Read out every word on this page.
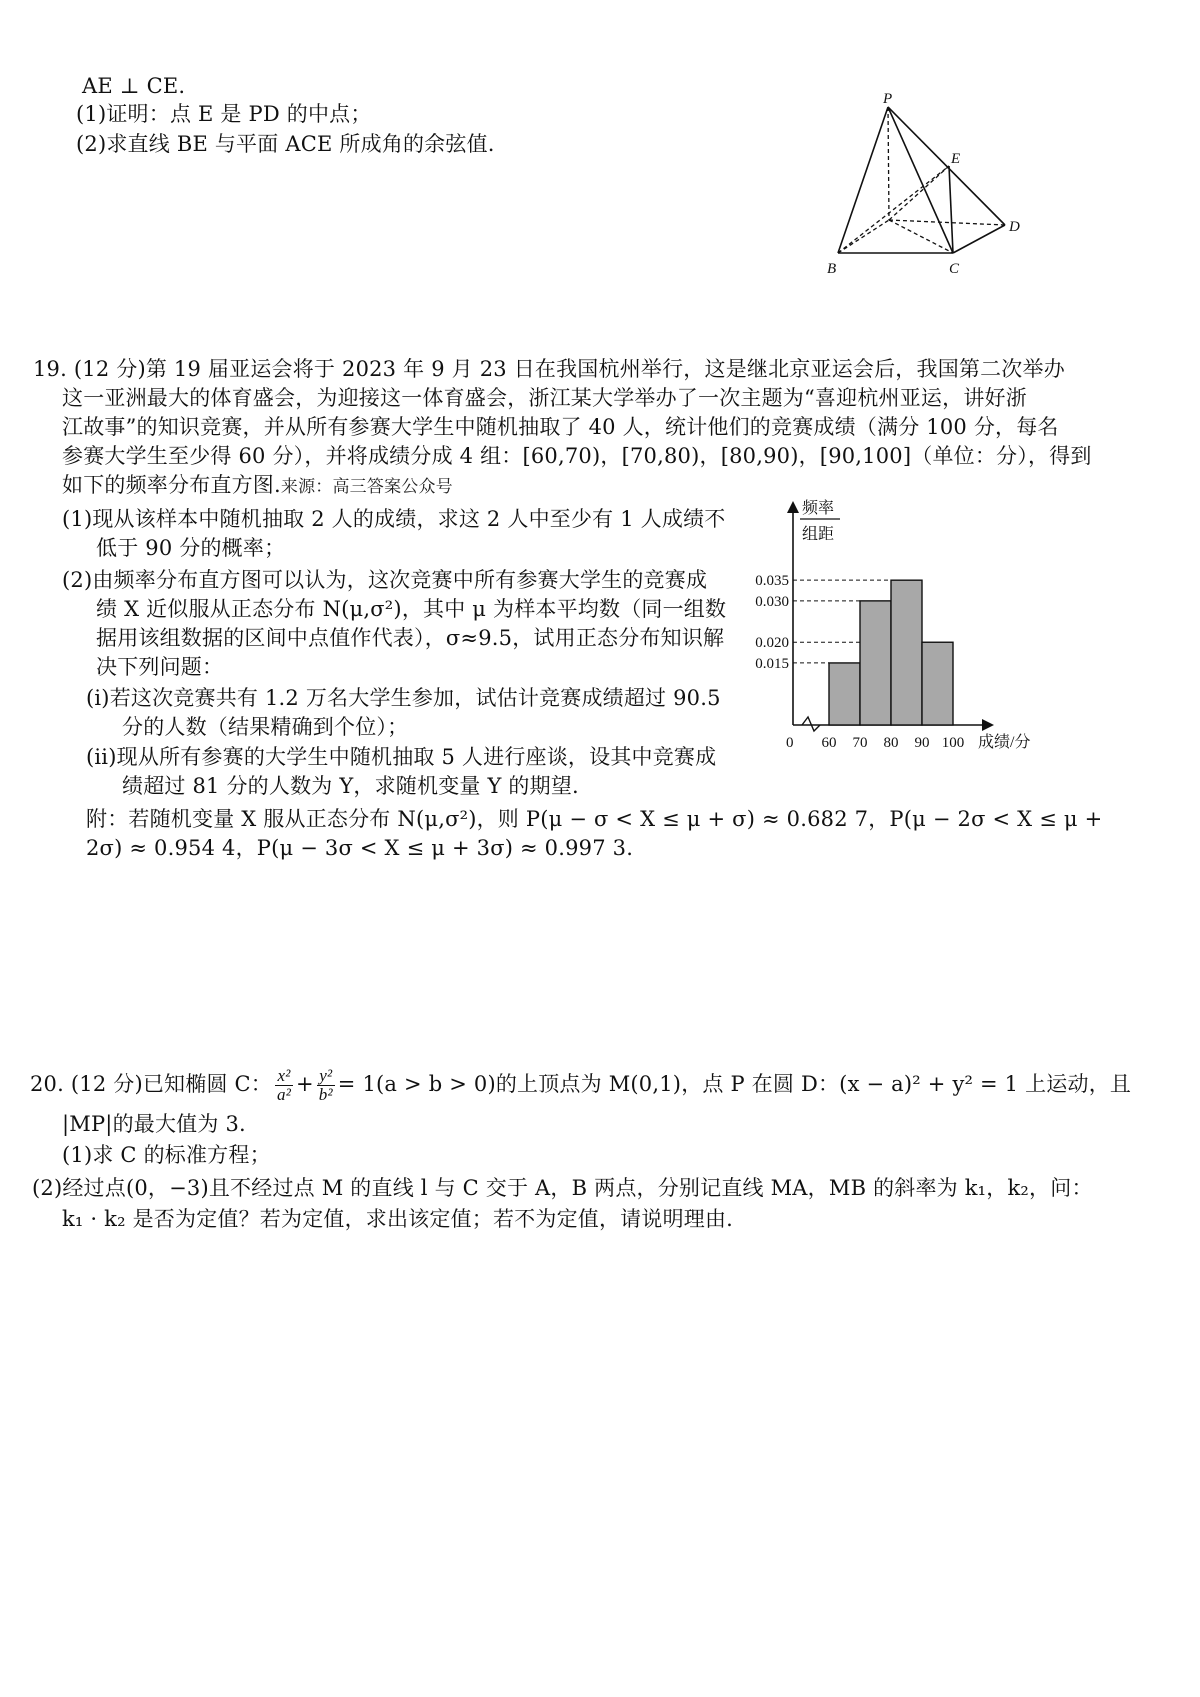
AE ⊥ CE.
(1)证明：点 E 是 PD 的中点；
(2)求直线 BE 与平面 ACE 所成角的余弦值.
P
E
D
B	C
19. (12 分)第 19 届亚运会将于 2023 年 9 月 23 日在我国杭州举行，这是继北京亚运会后，我国第二次举办
这一亚洲最大的体育盛会，为迎接这一体育盛会，浙江某大学举办了一次主题为“喜迎杭州亚运，讲好浙
江故事”的知识竞赛，并从所有参赛大学生中随机抽取了 40 人，统计他们的竞赛成绩（满分 100 分，每名
参赛大学生至少得 60 分），并将成绩分成 4 组：[60,70)，[70,80)，[80,90)，[90,100]（单位：分），得到
如下的频率分布直方图.来源：高三答案公众号
(1)现从该样本中随机抽取 2 人的成绩，求这 2 人中至少有 1 人成绩不
低于 90 分的概率；
(2)由频率分布直方图可以认为，这次竞赛中所有参赛大学生的竞赛成
绩 X 近似服从正态分布 N(μ,σ²)，其中 μ 为样本平均数（同一组数
据用该组数据的区间中点值作代表），σ≈9.5，试用正态分布知识解
决下列问题：
(i)若这次竞赛共有 1.2 万名大学生参加，试估计竞赛成绩超过 90.5
分的人数（结果精确到个位）；
(ii)现从所有参赛的大学生中随机抽取 5 人进行座谈，设其中竞赛成
绩超过 81 分的人数为 Y，求随机变量 Y 的期望.
附：若随机变量 X 服从正态分布 N(μ,σ²)，则 P(μ − σ < X ≤ μ + σ) ≈ 0.682 7，P(μ − 2σ < X ≤ μ +
2σ) ≈ 0.954 4，P(μ − 3σ < X ≤ μ + 3σ) ≈ 0.997 3.
频率
组距
0	成绩/分
0.035
0.030
0.020
0.015
60 70 80 90 100
20. (12 分)已知椭圆 C： $\frac{\text{x²}}{\text{a²}} + \frac{\text{y²}}{\text{b²}} = 1(a > b > 0)$的上顶点为 M(0,1)，点 P 在圆 D：(x − a)² + y² = 1 上运动，且
|MP|的最大值为 3.
(1)求 C 的标准方程；
(2)经过点(0，−3)且不经过点 M 的直线 l 与 C 交于 A，B 两点，分别记直线 MA，MB 的斜率为 k₁，k₂，问：
k₁ · k₂ 是否为定值？若为定值，求出该定值；若不为定值，请说明理由.
